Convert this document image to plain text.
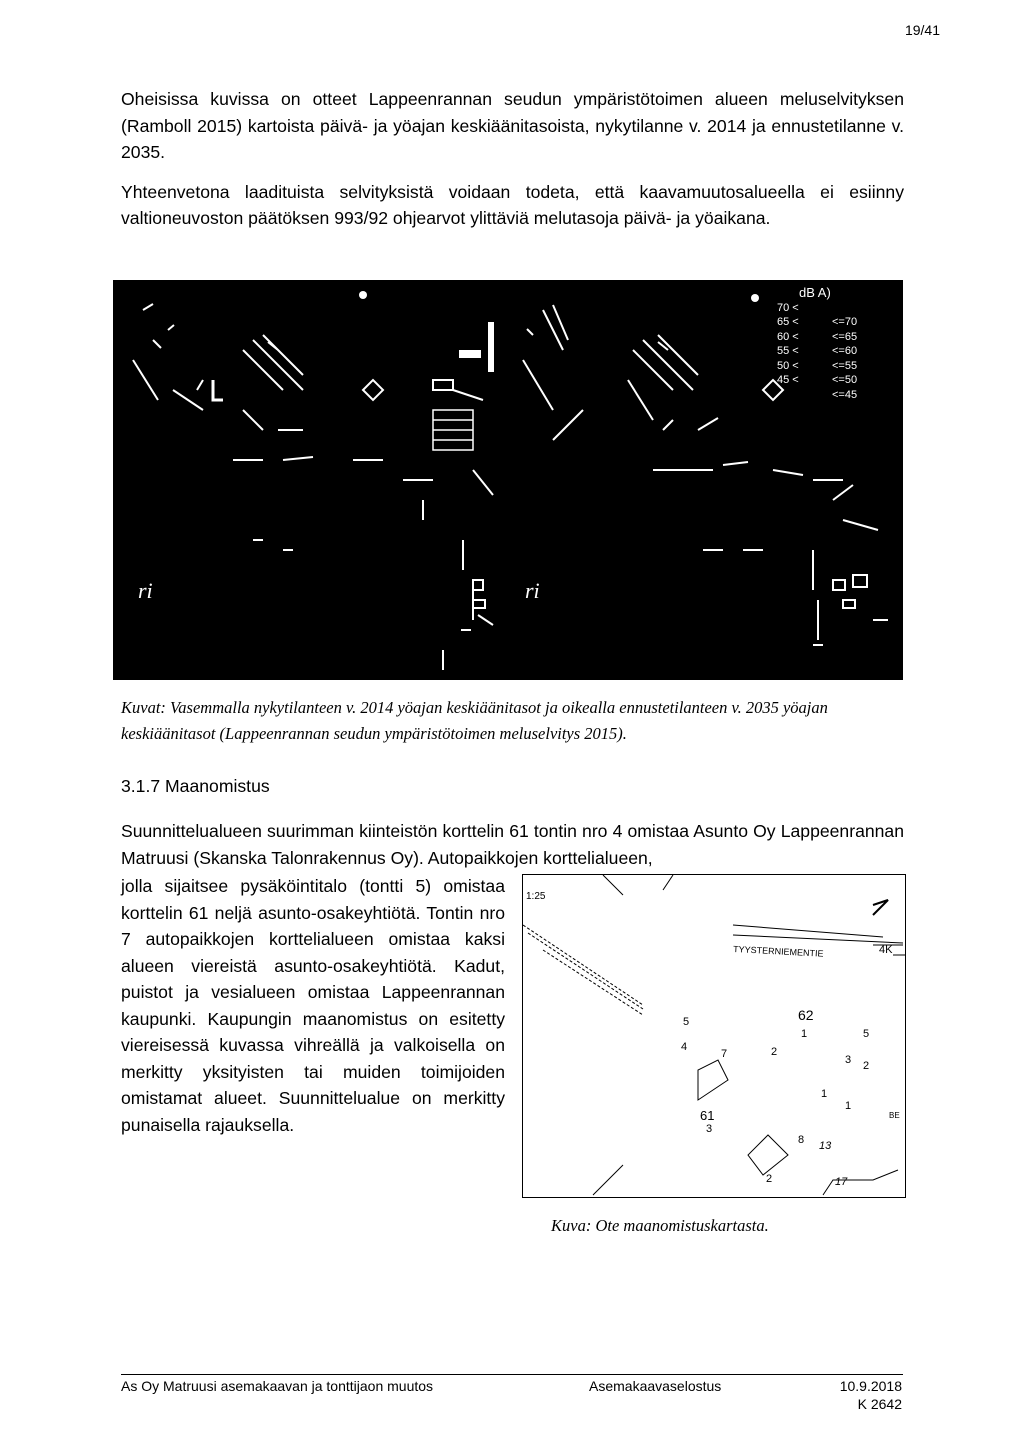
19/41

Oheisissa kuvissa on otteet Lappeenrannan seudun ympäristötoimen alueen meluselvityksen (Ramboll 2015) kartoista päivä- ja yöajan keskiäänitasoista, nykytilanne v. 2014 ja ennustetilanne v. 2035.

Yhteenvetona laadituista selvityksistä voidaan todeta, että kaavamuutosalueella ei esiinny valtioneuvoston päätöksen 993/92 ohjearvot ylittäviä melutasoja päivä- ja yöaikana.

ri	ri
dB A)
70 <
65 <	<=70
60 <	<=65
55 <	<=60
50 <	<=55
45 <	<=50
<=45
Kuvat: Vasemmalla nykytilanteen v. 2014 yöajan keskiäänitasot ja oikealla ennustetilanteen v. 2035 yöajan keskiäänitasot (Lappeenrannan seudun ympäristötoimen meluselvitys 2015).
3.1.7 Maanomistus
Suunnittelualueen suurimman kiinteistön korttelin 61 tontin nro 4 omistaa Asunto Oy Lappeenrannan Matruusi (Skanska Talonrakennus Oy). Autopaikkojen korttelialueen,
jolla sijaitsee pysäköintitalo (tontti 5) omistaa korttelin 61 neljä asunto-osakeyhtiötä. Tontin nro 7 autopaikkojen korttelialueen omistaa kaksi alueen viereistä asunto-osakeyhtiötä. Kadut, puistot ja vesialueen omistaa Lappeenrannan kaupunki. Kaupungin maanomistus on esitetty viereisessä kuvassa vihreällä ja valkoisella on merkitty yksityisten tai muiden toimijoiden omistamat alueet. Suunnittelualue on merkitty punaisella rajauksella.
1:25
TYYSTERNIEMENTIE
5	62
1	5
4
7	2
3 2
1
1
61
3
8 13
2	17
4K
BE
Kuva: Ote maanomistuskartasta.
As Oy Matruusi asemakaavan ja tonttijaon muutos	Asemakaavaselostus	10.9.2018
K 2642
